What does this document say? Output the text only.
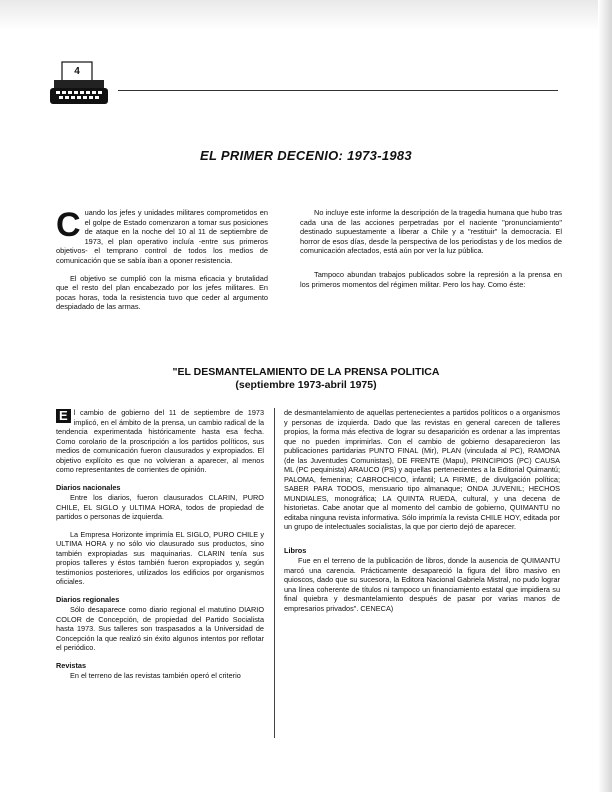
4
EL PRIMER DECENIO: 1973-1983

Cuando los jefes y unidades militares comprometidos en el golpe de Estado comenzaron a tomar sus posiciones de ataque en la noche del 10 al 11 de septiembre de 1973, el plan operativo incluía -entre sus primeros objetivos- el temprano control de todos los medios de comunicación que se sabía iban a oponer resistencia.

El objetivo se cumplió con la misma eficacia y brutalidad que el resto del plan encabezado por los jefes militares. En pocas horas, toda la resistencia tuvo que ceder al argumento despiadado de las armas.

No incluye este informe la descripción de la tragedia humana que hubo tras cada una de las acciones perpetradas por el naciente "pronunciamiento" destinado supuestamente a liberar a Chile y a "restituir" la democracia. El horror de esos días, desde la perspectiva de los periodistas y de los medios de comunicación afectados, está aún por ver la luz pública.

Tampoco abundan trabajos publicados sobre la represión a la prensa en los primeros momentos del régimen militar. Pero los hay. Como éste:

"EL DESMANTELAMIENTO DE LA PRENSA POLITICA
(septiembre 1973-abril 1975)

E l cambio de gobierno del 11 de septiembre de 1973 implicó, en el ámbito de la prensa, un cambio radical de la tendencia experimentada históricamente hasta esa fecha. Como corolario de la proscripción a los partidos políticos, sus medios de comunicación fueron clausurados y expropiados. El objetivo explícito es que no volvieran a aparecer, al menos como representantes de corrientes de opinión.

Diarios nacionales

Entre los diarios, fueron clausurados CLARIN, PURO CHILE, EL SIGLO y ULTIMA HORA, todos de propiedad de partidos o personas de izquierda.

La Empresa Horizonte imprimía EL SIGLO, PURO CHILE y ULTIMA HORA y no sólo vio clausurado sus productos, sino también expropiadas sus maquinarias. CLARIN tenía sus propios talleres y éstos también fueron expropiados y, según testimonios posteriores, utilizados los edificios por organismos oficiales.

Diarios regionales

Sólo desaparece como diario regional el matutino DIARIO COLOR de Concepción, de propiedad del Partido Socialista hasta 1973. Sus talleres son traspasados a la Universidad de Concepción la que realizó sin éxito algunos intentos por reflotar el periódico.

Revistas

En el terreno de las revistas también operó el criterio

de desmantelamiento de aquellas pertenecientes a partidos políticos o a organismos y personas de izquierda. Dado que las revistas en general carecen de talleres propios, la forma más efectiva de lograr su desaparición es ordenar a las imprentas que no pueden imprimirlas. Con el cambio de gobierno desaparecieron las publicaciones partidarias PUNTO FINAL (Mir), PLAN (vinculada al PC), RAMONA (de las Juventudes Comunistas), DE FRENTE (Mapu), PRINCIPIOS (PC) CAUSA ML (PC pequinista) ARAUCO (PS) y aquellas pertenecientes a la Editorial Quimantú; PALOMA, femenina; CABROCHICO, infantil; LA FIRME, de divulgación política; SABER PARA TODOS, mensuario tipo almanaque; ONDA JUVENIL; HECHOS MUNDIALES, monográfica; LA QUINTA RUEDA, cultural, y una decena de historietas. Cabe anotar que al momento del cambio de gobierno, QUIMANTU no editaba ninguna revista informativa. Sólo imprimía la revista CHILE HOY, editada por un grupo de intelectuales socialistas, la que por cierto dejó de aparecer.

Libros

Fue en el terreno de la publicación de libros, donde la ausencia de QUIMANTU marcó una carencia. Prácticamente desapareció la figura del libro masivo en quioscos, dado que su sucesora, la Editora Nacional Gabriela Mistral, no pudo lograr una línea coherente de títulos ni tampoco un financiamiento estatal que impidiera su final quiebra y desmantelamiento después de pasar por varias manos de empresarios privados". CENECA)
